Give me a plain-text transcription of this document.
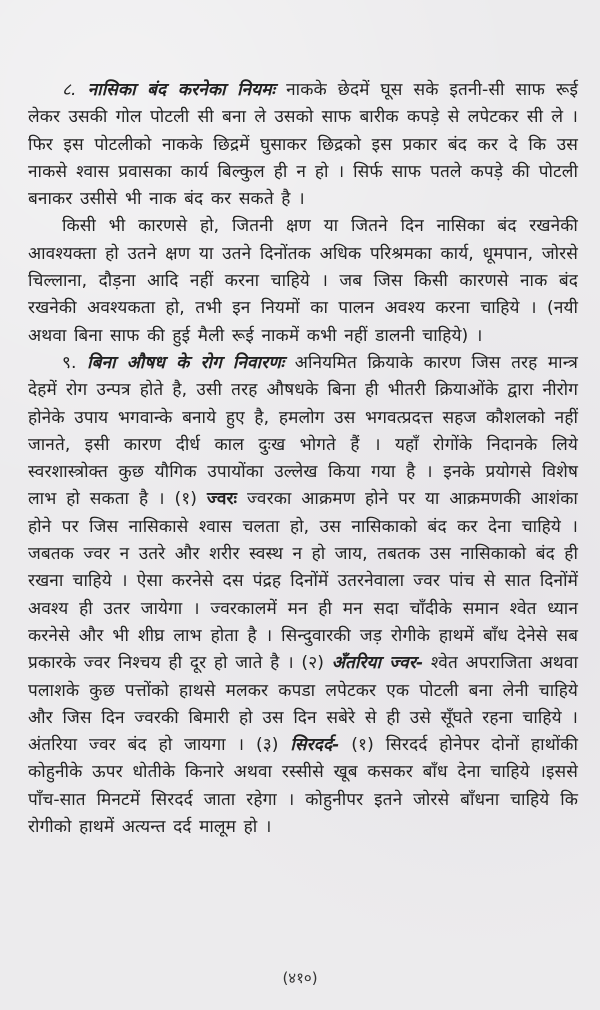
८. नासिका बंद करनेका नियमः नाकके छेदमें घूस सके इतनी-सी साफ रूई लेकर उसकी गोल पोटली सी बना ले उसको साफ बारीक कपड़े से लपेटकर सी ले । फिर इस पोटलीको नाकके छिद्रमें घुसाकर छिद्रको इस प्रकार बंद कर दे कि उस नाकसे श्वास प्रवासका कार्य बिल्कुल ही न हो । सिर्फ साफ पतले कपड़े की पोटली बनाकर उसीसे भी नाक बंद कर सकते है ।

किसी भी कारणसे हो, जितनी क्षण या जितने दिन नासिका बंद रखनेकी आवश्यक्ता हो उतने क्षण या उतने दिनोंतक अधिक परिश्रमका कार्य, धूमपान, जोरसे चिल्लाना, दौड़ना आदि नहीं करना चाहिये । जब जिस किसी कारणसे नाक बंद रखनेकी अवश्यकता हो, तभी इन नियमों का पालन अवश्य करना चाहिये । (नयी अथवा बिना साफ की हुई मैली रूई नाकमें कभी नहीं डालनी चाहिये) ।

९. बिना औषध के रोग निवारणः अनियमित क्रियाके कारण जिस तरह मान्त्र देहमें रोग उन्पत्र होते है, उसी तरह औषधके बिना ही भीतरी क्रियाओंके द्वारा नीरोग होनेके उपाय भगवान्के बनाये हुए है, हमलोग उस भगवत्प्रदत्त सहज कौशलको नहीं जानते, इसी कारण दीर्ध काल दुःख भोगते हैं । यहाँ रोगोंके निदानके लिये स्वरशास्त्रोक्त कुछ यौगिक उपायोंका उल्लेख किया गया है । इनके प्रयोगसे विशेष लाभ हो सकता है । (१) ज्वरः ज्वरका आक्रमण होने पर या आक्रमणकी आशंका होने पर जिस नासिकासे श्वास चलता हो, उस नासिकाको बंद कर देना चाहिये । जबतक ज्वर न उतरे और शरीर स्वस्थ न हो जाय, तबतक उस नासिकाको बंद ही रखना चाहिये । ऐसा करनेसे दस पंद्रह दिनोंमें उतरनेवाला ज्वर पांच से सात दिनोंमें अवश्य ही उतर जायेगा । ज्वरकालमें मन ही मन सदा चाँदीके समान श्वेत ध्यान करनेसे और भी शीघ्र लाभ होता है । सिन्दुवारकी जड़ रोगीके हाथमें बाँध देनेसे सब प्रकारके ज्वर निश्चय ही दूर हो जाते है । (२) अँतरिया ज्वर- श्वेत अपराजिता अथवा पलाशके कुछ पत्तोंको हाथसे मलकर कपडा लपेटकर एक पोटली बना लेनी चाहिये और जिस दिन ज्वरकी बिमारी हो उस दिन सबेरे से ही उसे सूँघते रहना चाहिये । अंतरिया ज्वर बंद हो जायगा । (३) सिरदर्द- (१) सिरदर्द होनेपर दोनों हाथोंकी कोहुनीके ऊपर धोतीके किनारे अथवा रस्सीसे खूब कसकर बाँध देना चाहिये ।इससे पाँच-सात मिनटमें सिरदर्द जाता रहेगा । कोहुनीपर इतने जोरसे बाँधना चाहिये कि रोगीको हाथमें अत्यन्त दर्द मालूम हो ।

(४१०)
